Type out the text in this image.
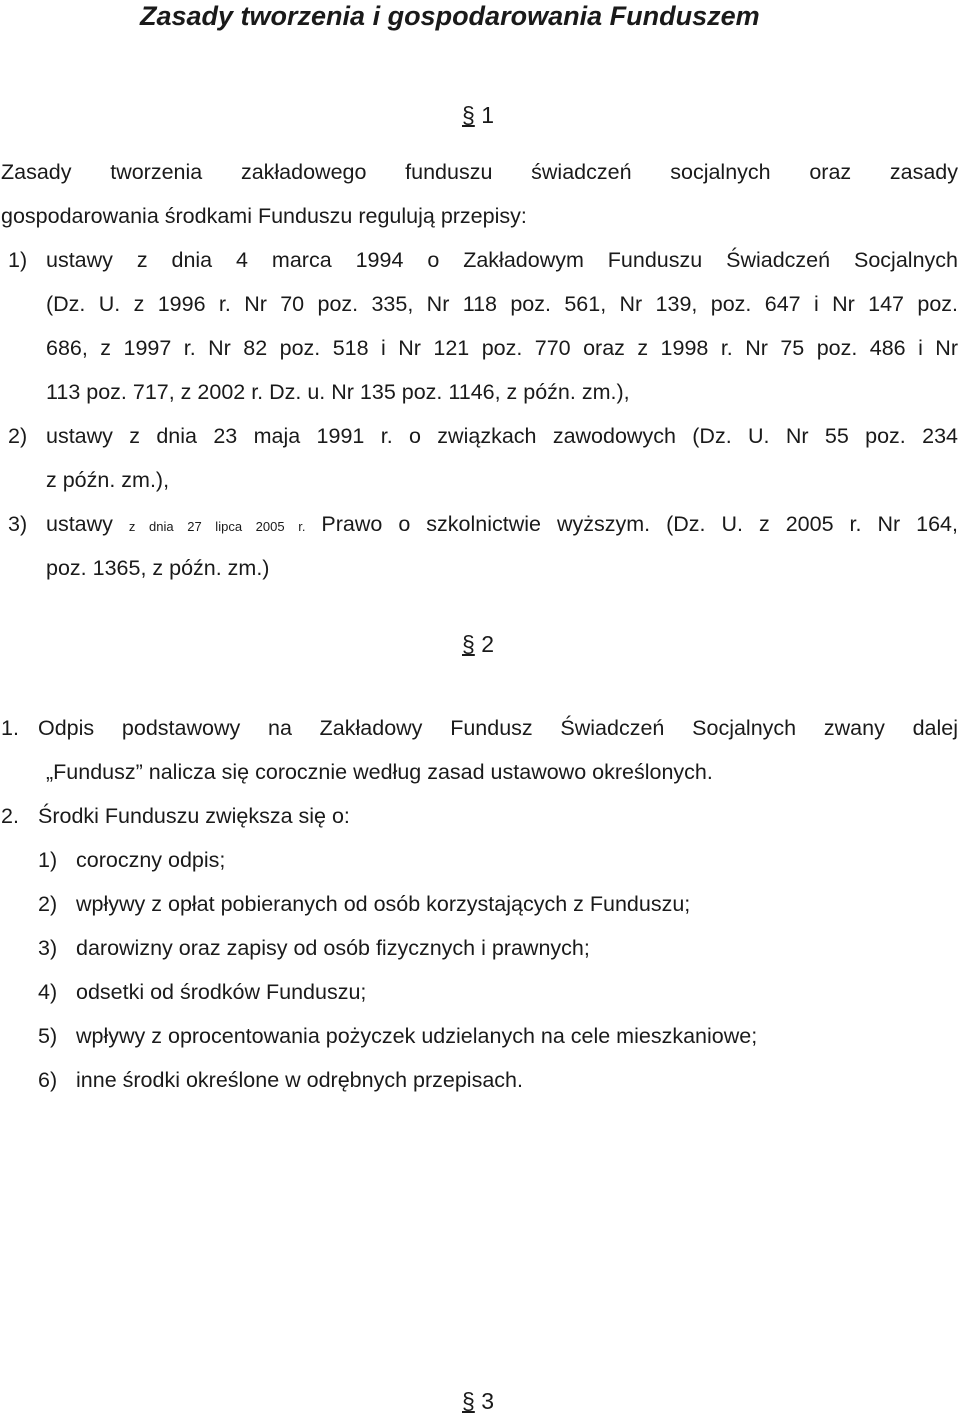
Zasady tworzenia i gospodarowania Funduszem
§ 1
Zasady tworzenia zakładowego funduszu świadczeń socjalnych oraz zasady
gospodarowania środkami Funduszu regulują przepisy:
1) ustawy z dnia 4 marca 1994 o Zakładowym Funduszu Świadczeń Socjalnych
(Dz. U. z 1996 r. Nr 70 poz. 335, Nr 118 poz. 561, Nr 139, poz. 647 i Nr 147 poz.
686, z 1997 r. Nr 82 poz. 518 i Nr 121 poz. 770 oraz z 1998 r. Nr 75 poz. 486 i Nr
113 poz. 717, z 2002 r. Dz. u. Nr 135 poz. 1146, z późn. zm.),
2) ustawy z dnia 23 maja 1991 r. o związkach zawodowych (Dz. U. Nr 55 poz. 234
z późn. zm.),
3) ustawy z dnia 27 lipca 2005 r. Prawo o szkolnictwie wyższym. (Dz. U. z 2005 r. Nr 164,
poz. 1365, z późn. zm.)
§ 2
1. Odpis podstawowy na Zakładowy Fundusz Świadczeń Socjalnych zwany dalej
„Fundusz” nalicza się corocznie według zasad ustawowo określonych.
2. Środki Funduszu zwiększa się o:
1) coroczny odpis;
2) wpływy z opłat pobieranych od osób korzystających z Funduszu;
3) darowizny oraz zapisy od osób fizycznych i prawnych;
4) odsetki od środków Funduszu;
5) wpływy z oprocentowania pożyczek udzielanych na cele mieszkaniowe;
6) inne środki określone w odrębnych przepisach.
§ 3
